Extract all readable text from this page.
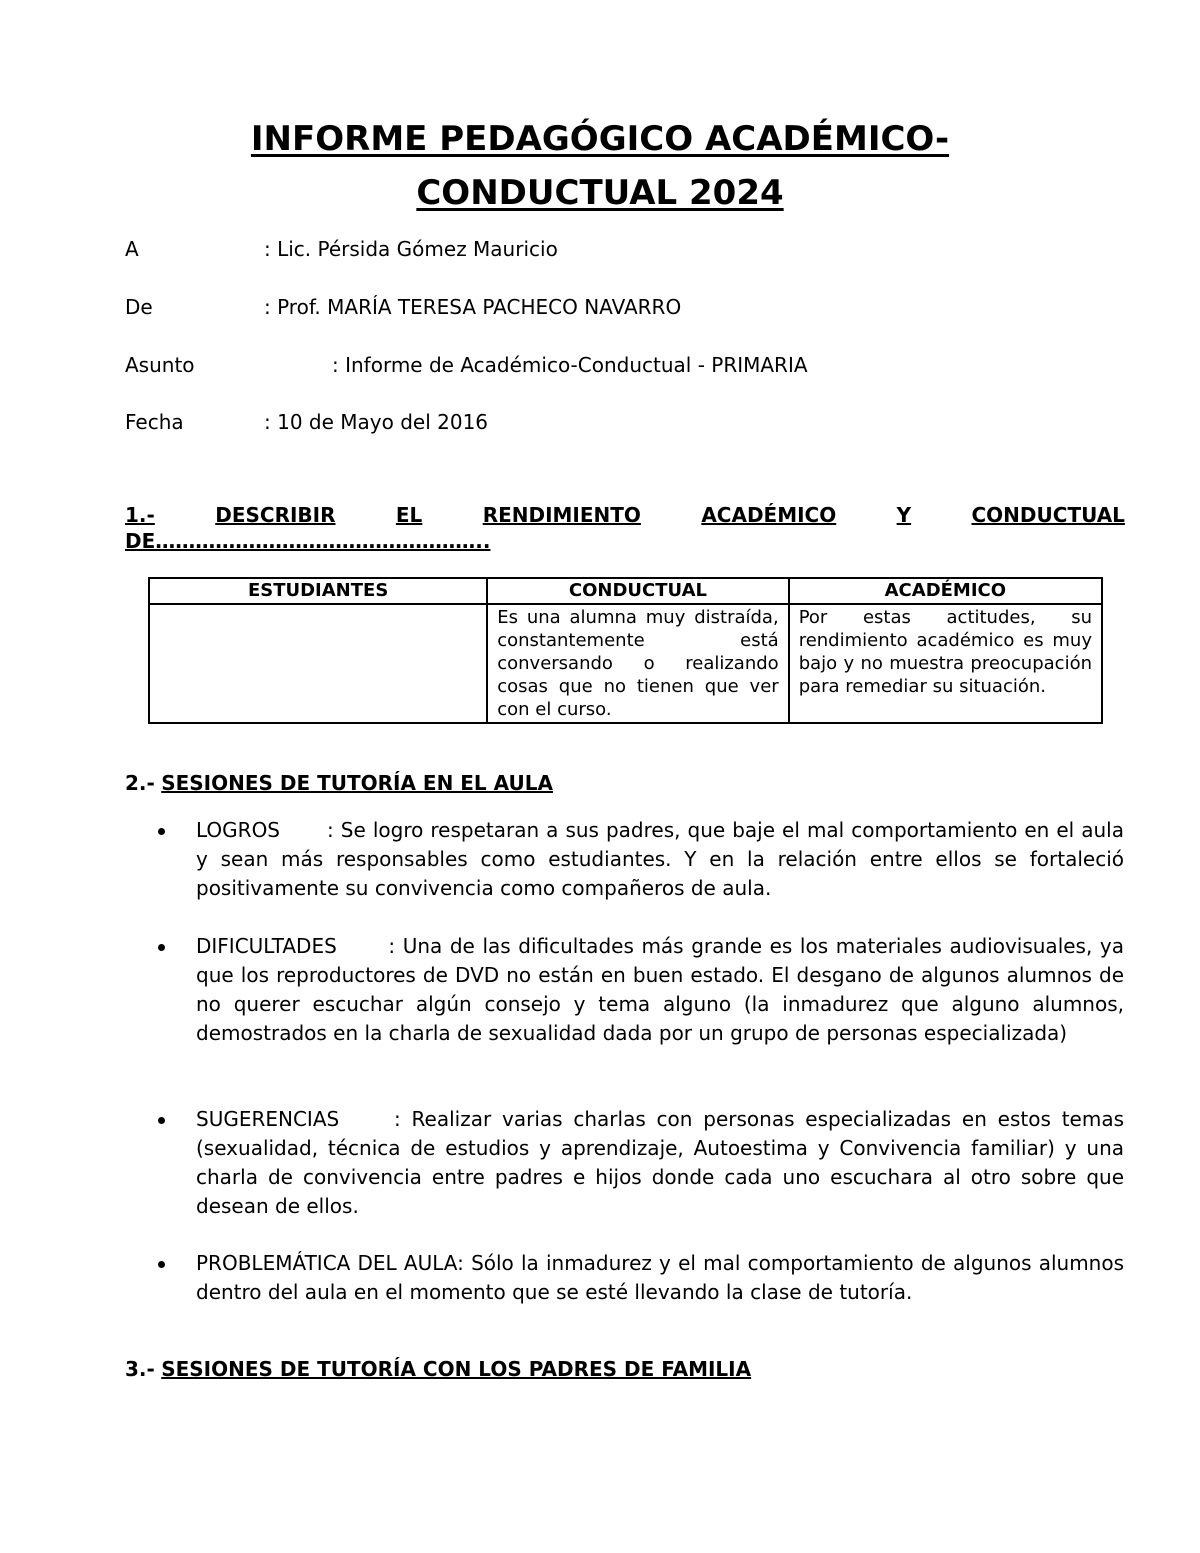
INFORME PEDAGÓGICO ACADÉMICO-
CONDUCTUAL 2024
A	: Lic. Pérsida Gómez Mauricio
De	: Prof. MARÍA TERESA PACHECO NAVARRO
Asunto	: Informe de Académico-Conductual - PRIMARIA
Fecha	: 10 de Mayo del 2016
1.-	DESCRIBIR	EL	RENDIMIENTO	ACADÉMICO	Y	CONDUCTUAL
DE…………………………………………..
ESTUDIANTES	CONDUCTUAL	ACADÉMICO
	Es una alumna muy distraída, constantemente está conversando o realizando cosas que no tienen que ver con el curso.	Por estas actitudes, su rendimiento académico es muy bajo y no muestra preocupación para remediar su situación.
2.- SESIONES DE TUTORÍA EN EL AULA
LOGROS : Se logro respetaran a sus padres, que baje el mal comportamiento en el aula y sean más responsables como estudiantes. Y en la relación entre ellos se fortaleció positivamente su convivencia como compañeros de aula.
DIFICULTADES	: Una de las dificultades más grande es los materiales audiovisuales, ya que los reproductores de DVD no están en buen estado. El desgano de algunos alumnos de no querer escuchar algún consejo y tema alguno (la inmadurez que alguno alumnos, demostrados en la charla de sexualidad dada por un grupo de personas especializada)
SUGERENCIAS	: Realizar varias charlas con personas especializadas en estos temas (sexualidad, técnica de estudios y aprendizaje, Autoestima y Convivencia familiar) y una charla de convivencia entre padres e hijos donde cada uno escuchara al otro sobre que desean de ellos.
PROBLEMÁTICA DEL AULA: Sólo la inmadurez y el mal comportamiento de algunos alumnos dentro del aula en el momento que se esté llevando la clase de tutoría.
3.- SESIONES DE TUTORÍA CON LOS PADRES DE FAMILIA
